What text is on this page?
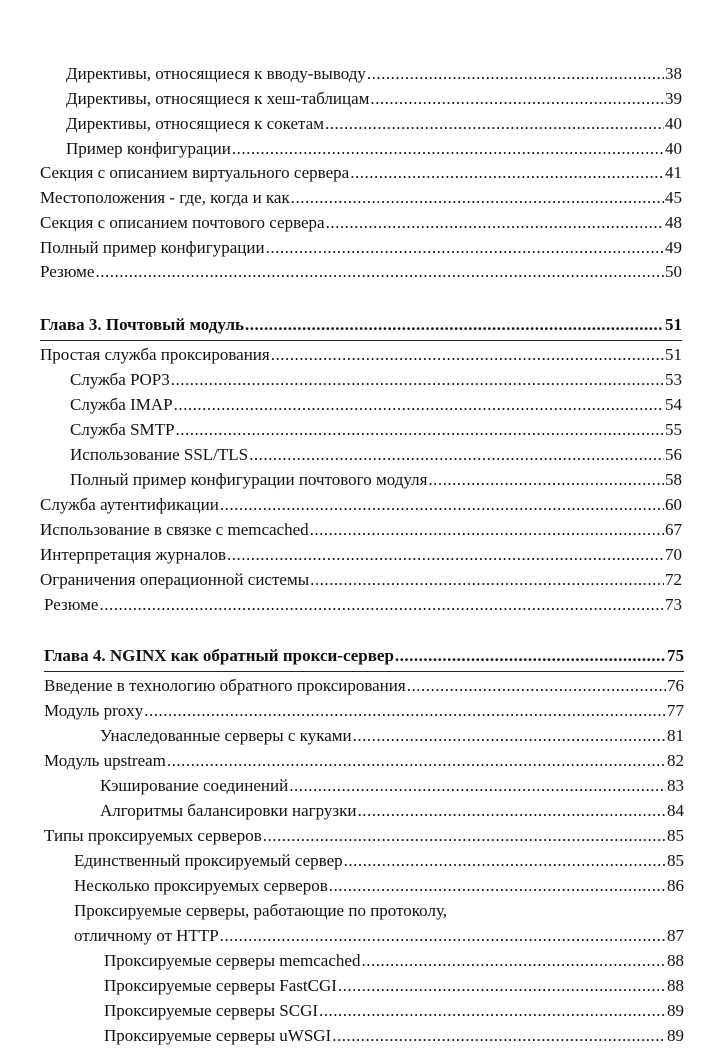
Директивы, относящиеся к вводу-выводу .....	38
Директивы, относящиеся к хеш-таблицам .....	39
Директивы, относящиеся к сокетам .....	40
Пример конфигурации .....	40
Секция с описанием виртуального сервера .....	41
Местоположения - где, когда и как .....	45
Секция с описанием почтового сервера .....	48
Полный пример конфигурации .....	49
Резюме .....	50
Глава 3. Почтовый модуль .....	51
Простая служба проксирования .....	51
Служба POP3 .....	53
Служба IMAP .....	54
Служба SMTP .....	55
Использование SSL/TLS .....	56
Полный пример конфигурации почтового модуля .....	58
Служба аутентификации .....	60
Использование в связке с memcached .....	67
Интерпретация журналов .....	70
Ограничения операционной системы .....	72
Резюме .....	73
Глава 4. NGINX как обратный прокси-сервер .....	75
Введение в технологию обратного проксирования .....	76
Модуль proxy .....	77
Унаследованные серверы с куками .....	81
Модуль upstream .....	82
Кэширование соединений .....	83
Алгоритмы балансировки нагрузки .....	84
Типы проксируемых серверов .....	85
Единственный проксируемый сервер .....	85
Несколько проксируемых серверов .....	86
Проксируемые серверы, работающие по протоколу,
отличному от HTTP .....	87
Проксируемые серверы memcached .....	88
Проксируемые серверы FastCGI .....	88
Проксируемые серверы SCGI .....	89
Проксируемые серверы uWSGI .....	89
